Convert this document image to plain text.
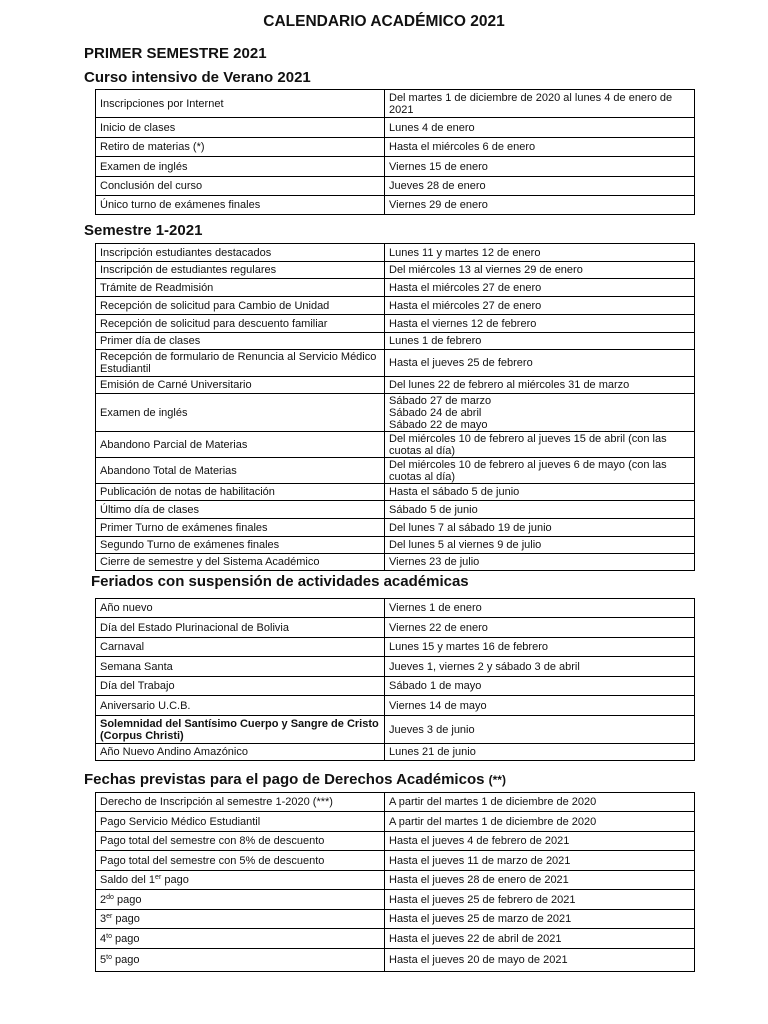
CALENDARIO ACADÉMICO 2021
PRIMER SEMESTRE 2021
Curso intensivo de Verano 2021
Inscripciones por Internet	Del martes 1 de diciembre de 2020 al lunes 4 de enero de 2021
Inicio de clases	Lunes 4 de enero
Retiro de materias (*)	Hasta el miércoles 6 de enero
Examen de inglés	Viernes 15 de enero
Conclusión del curso	Jueves 28 de enero
Único turno de exámenes finales	Viernes 29 de enero
Semestre 1-2021
Inscripción estudiantes destacados	Lunes 11 y martes 12 de enero
Inscripción de estudiantes regulares	Del miércoles 13 al viernes 29 de enero
Trámite de Readmisión	Hasta el miércoles 27 de enero
Recepción de solicitud para Cambio de Unidad	Hasta el miércoles 27 de enero
Recepción de solicitud para descuento familiar	Hasta el viernes 12 de febrero
Primer día de clases	Lunes 1 de febrero
Recepción de formulario de Renuncia al Servicio Médico Estudiantil	Hasta el jueves 25 de febrero
Emisión de Carné Universitario	Del lunes 22 de febrero al miércoles 31 de marzo
Examen de inglés	Sábado 27 de marzo
Sábado 24 de abril
Sábado 22 de mayo

Abandono Parcial de Materias	Del miércoles 10 de febrero al jueves 15 de abril (con las cuotas al día)
Abandono Total de Materias	Del miércoles 10 de febrero al jueves 6 de mayo (con las cuotas al día)
Publicación de notas de habilitación	Hasta el sábado 5 de junio
Último día de clases	Sábado 5 de junio
Primer Turno de exámenes finales	Del lunes 7 al sábado 19 de junio
Segundo Turno de exámenes finales	Del lunes 5 al viernes 9 de julio
Cierre de semestre y del Sistema Académico	Viernes 23 de julio
Feriados con suspensión de actividades académicas
Año nuevo	Viernes 1 de enero
Día del Estado Plurinacional de Bolivia	Viernes 22 de enero
Carnaval	Lunes 15 y martes 16 de febrero
Semana Santa	Jueves 1, viernes 2 y sábado 3 de abril
Día del Trabajo	Sábado 1 de mayo
Aniversario U.C.B.	Viernes 14 de mayo
Solemnidad del Santísimo Cuerpo y Sangre de Cristo (Corpus Christi)	Jueves 3 de junio
Año Nuevo Andino Amazónico	Lunes 21 de junio
Fechas previstas para el pago de Derechos Académicos (**)
Derecho de Inscripción al semestre 1-2020 (***)	A partir del martes 1 de diciembre de 2020
Pago Servicio Médico Estudiantil	A partir del martes 1 de diciembre de 2020
Pago total del semestre con 8% de descuento	Hasta el jueves 4 de febrero de 2021
Pago total del semestre con 5% de descuento	Hasta el jueves 11 de marzo de 2021
Saldo del 1er pago	Hasta el jueves 28 de enero de 2021
$2^{do}$ pago	Hasta el jueves 25 de febrero de 2021
3er pago	Hasta el jueves 25 de marzo de 2021
$4^{to}$ pago	Hasta el jueves 22 de abril de 2021
$5^{to}$ pago	Hasta el jueves 20 de mayo de 2021
